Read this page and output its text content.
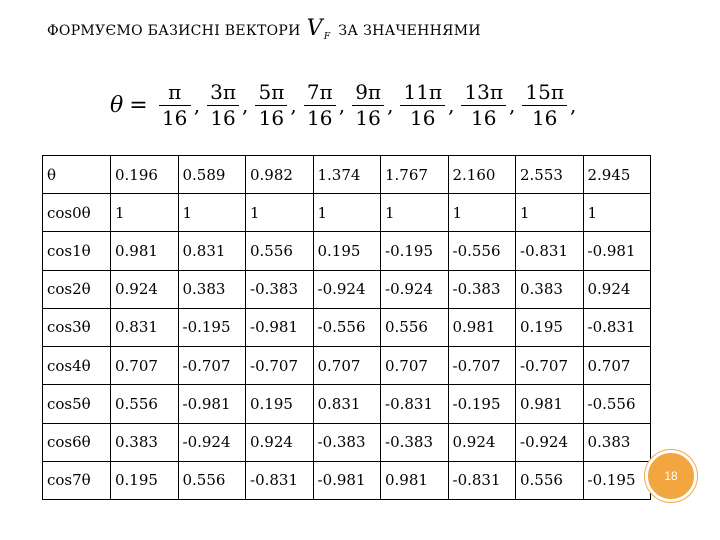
ФОРМУЄМО БАЗИСНІ ВЕКТОРИ V F ЗА ЗНАЧЕННЯМИ
$\theta = \frac{\pi}{16}$ , $\frac{3\pi}{16}$ , $\frac{5\pi}{16}$ , $\frac{7\pi}{16}$ , $\frac{9\pi}{16}$ , $\frac{11\pi}{16}$ , $\frac{13\pi}{16}$ , $\frac{15\pi}{16}$ ,
θ	0.196	0.589	0.982	1.374	1.767	2.160	2.553	2.945
cos0θ	1	1	1	1	1	1	1	1
cos1θ	0.981	0.831	0.556	0.195	-0.195	-0.556	-0.831	-0.981
cos2θ	0.924	0.383	-0.383	-0.924	-0.924	-0.383	0.383	0.924
cos3θ	0.831	-0.195	-0.981	-0.556	0.556	0.981	0.195	-0.831
cos4θ	0.707	-0.707	-0.707	0.707	0.707	-0.707	-0.707	0.707
cos5θ	0.556	-0.981	0.195	0.831	-0.831	-0.195	0.981	-0.556
cos6θ	0.383	-0.924	0.924	-0.383	-0.383	0.924	-0.924	0.383
cos7θ	0.195	0.556	-0.831	-0.981	0.981	-0.831	0.556	-0.195 18
